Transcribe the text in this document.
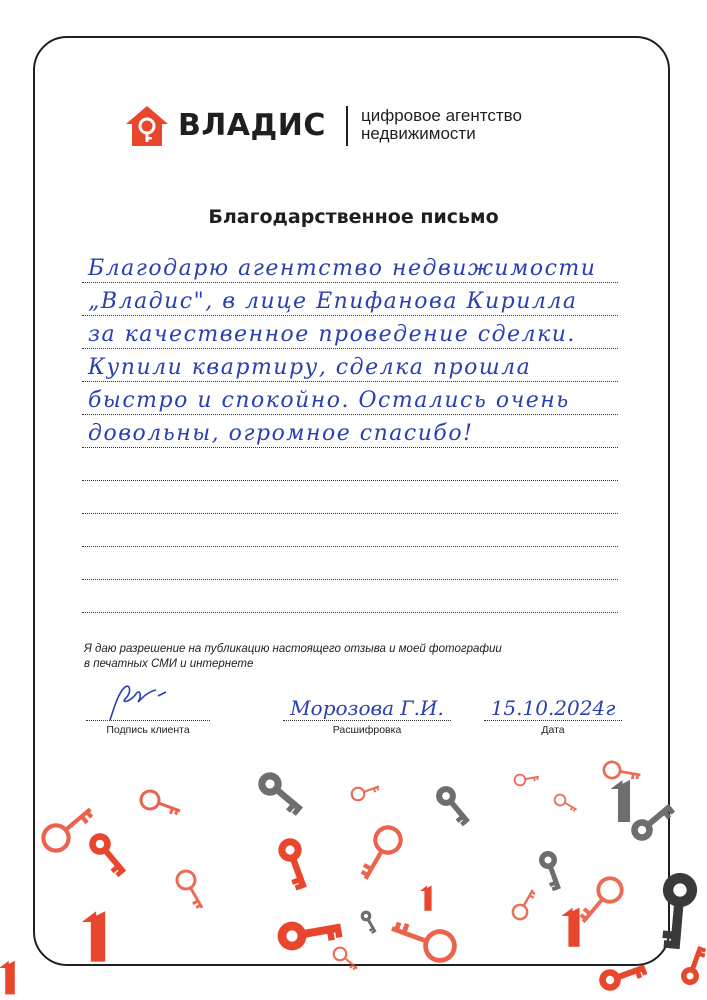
ВЛАДИС цифровое агентство
недвижимости
Благодарственное письмо
Благодарю агентство недвижимости
„Владис", в лице Епифанова Кирилла
за качественное проведение сделки.
Купили квартиру, сделка прошла
быстро и спокойно. Остались очень
довольны, огромное спасибо!
Я даю разрешение на публикацию настоящего отзыва и моей фотографии
в печатных СМИ и интернете
Подпись клиента
Морозова Г.И.
Расшифровка
15.10.2024г
Дата
